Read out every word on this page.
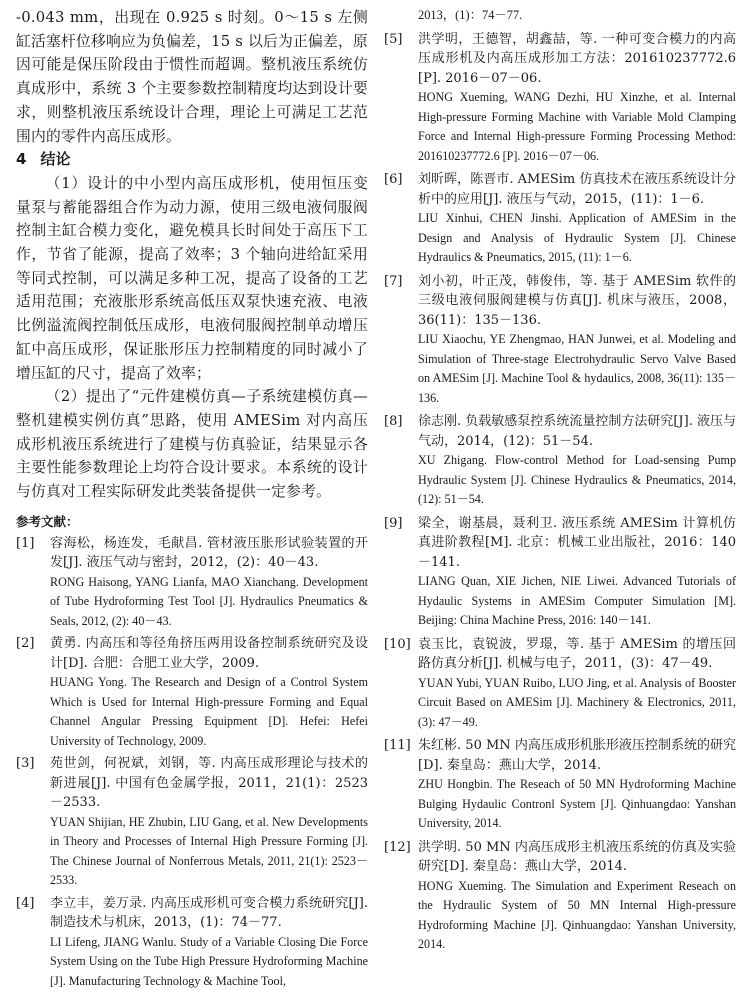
-0.043 mm，出现在 0.925 s 时刻。0～15 s 左侧缸活塞杆位移响应为负偏差，15 s 以后为正偏差，原因可能是保压阶段由于惯性而超调。整机液压系统仿真成形中，系统 3 个主要参数控制精度均达到设计要求，则整机液压系统设计合理，理论上可满足工艺范围内的零件内高压成形。

4 结论

（1）设计的中小型内高压成形机，使用恒压变量泵与蓄能器组合作为动力源，使用三级电液伺服阀控制主缸合模力变化，避免模具长时间处于高压下工作，节省了能源，提高了效率；3 个轴向进给缸采用等同式控制，可以满足多种工况，提高了设备的工艺适用范围；充液胀形系统高低压双泵快速充液、电液比例溢流阀控制低压成形，电液伺服阀控制单动增压缸中高压成形，保证胀形压力控制精度的同时减小了增压缸的尺寸，提高了效率；

（2）提出了“元件建模仿真—子系统建模仿真—整机建模实例仿真”思路，使用 AMESim 对内高压成形机液压系统进行了建模与仿真验证，结果显示各主要性能参数理论上均符合设计要求。本系统的设计与仿真对工程实际研发此类装备提供一定参考。

参考文献：
[1]	容海松，杨连发，毛献昌. 管材液压胀形试验装置的开发[J]. 液压气动与密封，2012，(2)：40－43.

RONG Haisong, YANG Lianfa, MAO Xianchang. Development of Tube Hydroforming Test Tool [J]. Hydraulics Pneumatics & Seals, 2012, (2): 40－43.

[2]	黄勇. 内高压和等径角挤压两用设备控制系统研究及设计[D]. 合肥：合肥工业大学，2009.

HUANG Yong. The Research and Design of a Control System Which is Used for Internal High-pressure Forming and Equal Channel Angular Pressing Equipment [D]. Hefei: Hefei University of Technology, 2009.

[3]	苑世剑，何祝斌，刘钢，等. 内高压成形理论与技术的新进展[J]. 中国有色金属学报，2011，21(1)：2523－2533.

YUAN Shijian, HE Zhubin, LIU Gang, et al. New Developments in Theory and Processes of Internal High Pressure Forming [J]. The Chinese Journal of Nonferrous Metals, 2011, 21(1): 2523－2533.

[4]	李立丰，姜万录. 内高压成形机可变合模力系统研究[J]. 制造技术与机床，2013，(1)：74－77.

LI Lifeng, JIANG Wanlu. Study of a Variable Closing Die Force System Using on the Tube High Pressure Hydroforming Machine [J]. Manufacturing Technology & Machine Tool,

2013，(1)：74－77.

[5]	洪学明，王德智，胡鑫喆，等. 一种可变合模力的内高压成形机及内高压成形加工方法：201610237772.6 [P]. 2016－07－06.

HONG Xueming, WANG Dezhi, HU Xinzhe, et al. Internal High-pressure Forming Machine with Variable Mold Clamping Force and Internal High-pressure Forming Processing Method: 201610237772.6 [P]. 2016－07－06.

[6]	刘昕晖，陈晋市. AMESim 仿真技术在液压系统设计分析中的应用[J]. 液压与气动，2015，(11)：1－6.

LIU Xinhui, CHEN Jinshi. Application of AMESim in the Design and Analysis of Hydraulic System [J]. Chinese Hydraulics & Pneumatics, 2015, (11): 1－6.

[7]	刘小初，叶正茂，韩俊伟，等. 基于 AMESim 软件的三级电液伺服阀建模与仿真[J]. 机床与液压，2008，36(11)：135－136.

LIU Xiaochu, YE Zhengmao, HAN Junwei, et al. Modeling and Simulation of Three-stage Electrohydraulic Servo Valve Based on AMESim [J]. Machine Tool & hydaulics, 2008, 36(11): 135－136.

[8]	徐志刚. 负载敏感泵控系统流量控制方法研究[J]. 液压与气动，2014，(12)：51－54.

XU Zhigang. Flow-control Method for Load-sensing Pump Hydraulic System [J]. Chinese Hydraulics & Pneumatics, 2014, (12): 51－54.

[9]	梁全，谢基晨，聂利卫. 液压系统 AMESim 计算机仿真进阶教程[M]. 北京：机械工业出版社，2016：140－141.

LIANG Quan, XIE Jichen, NIE Liwei. Advanced Tutorials of Hydaulic Systems in AMESim Computer Simulation [M]. Beijing: China Machine Press, 2016: 140－141.

[10] 袁玉比，袁锐波，罗璟，等. 基于 AMESim 的增压回路仿真分析[J]. 机械与电子，2011，(3)：47－49.

YUAN Yubi, YUAN Ruibo, LUO Jing, et al. Analysis of Booster Circuit Based on AMESim [J]. Machinery & Electronics, 2011, (3): 47－49.

[11] 朱红彬. 50 MN 内高压成形机胀形液压控制系统的研究[D]. 秦皇岛：燕山大学，2014.

ZHU Hongbin. The Reseach of 50 MN Hydroforming Machine Bulging Hydaulic Contronl System [J]. Qinhuangdao: Yanshan University, 2014.

[12] 洪学明. 50 MN 内高压成形主机液压系统的仿真及实验研究[D]. 秦皇岛：燕山大学，2014.

HONG Xueming. The Simulation and Experiment Reseach on the Hydraulic System of 50 MN Internal High-pressure Hydroforming Machine [J]. Qinhuangdao: Yanshan University, 2014.
